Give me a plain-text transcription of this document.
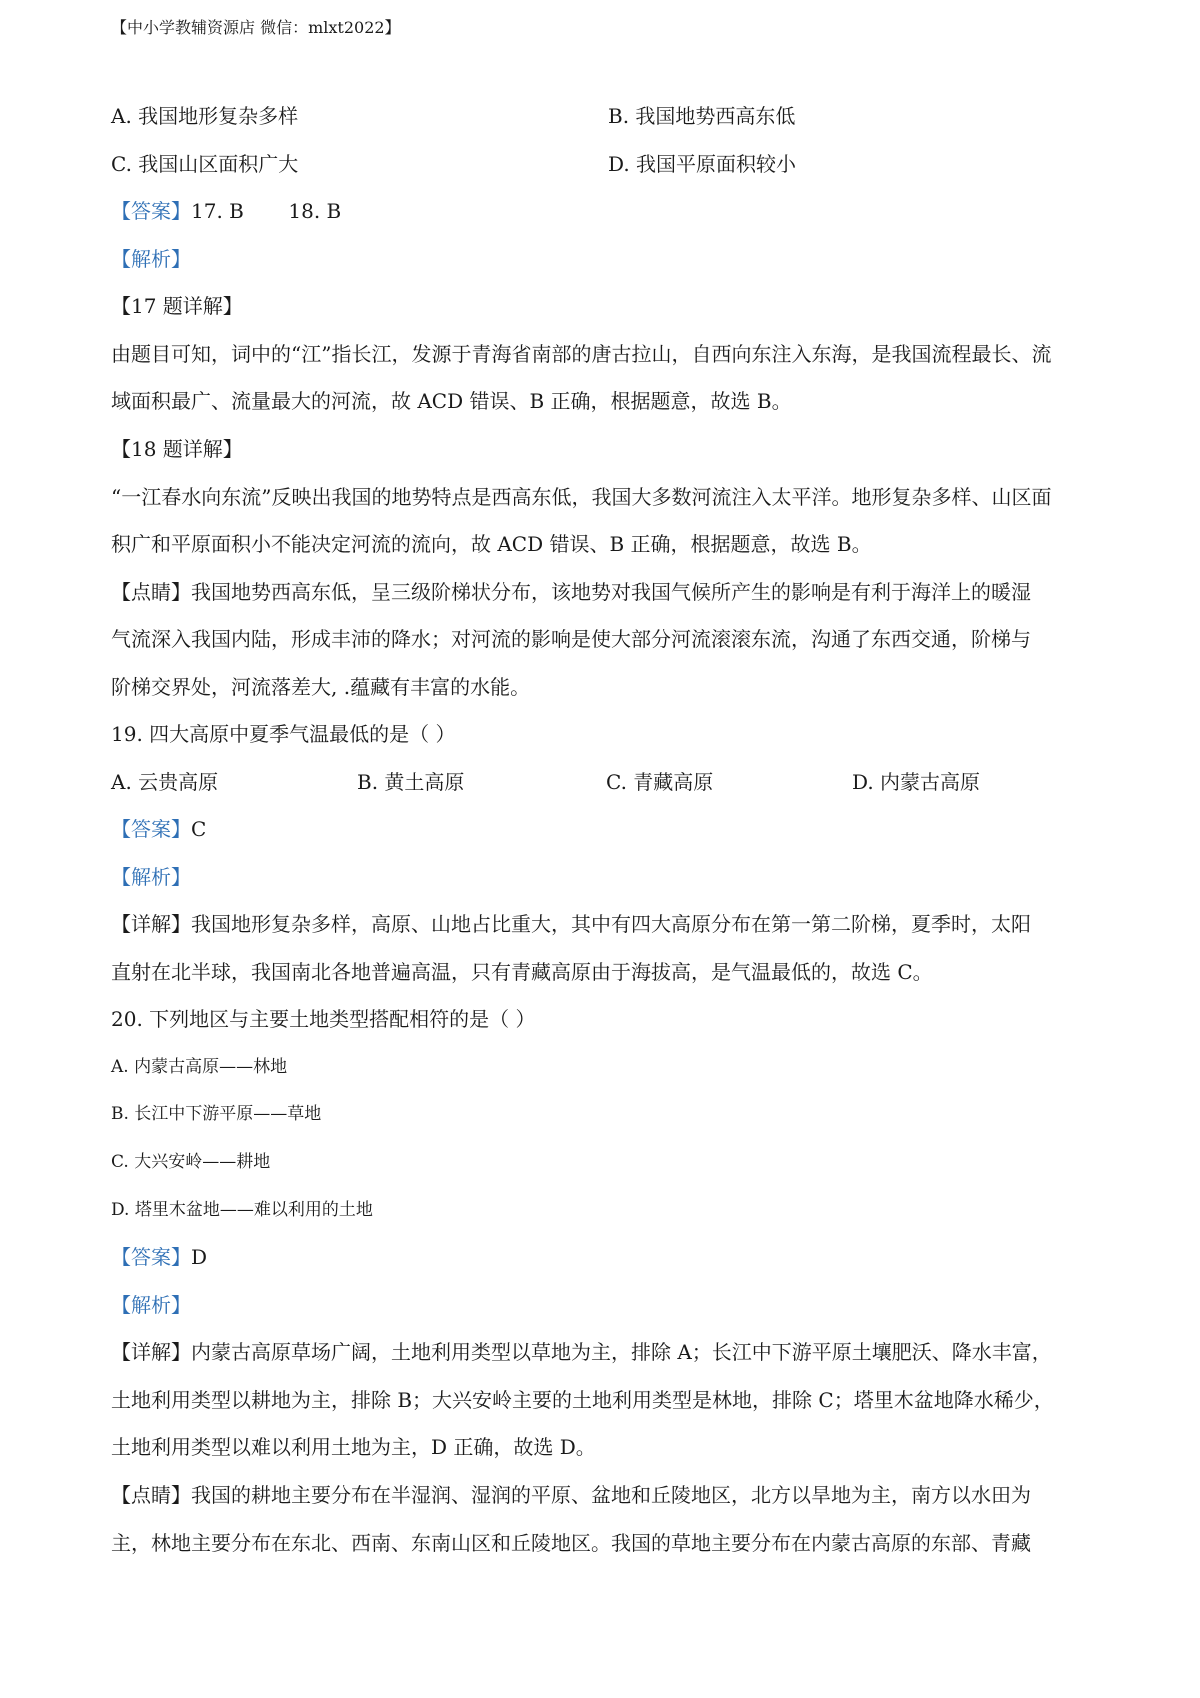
【中小学教辅资源店 微信：mlxt2022】
A. 我国地形复杂多样	B. 我国地势西高东低
C. 我国山区面积广大	D. 我国平原面积较小
【答案】17. B       18. B
【解析】
【17 题详解】
由题目可知，词中的“江”指长江，发源于青海省南部的唐古拉山，自西向东注入东海，是我国流程最长、流
域面积最广、流量最大的河流，故 ACD 错误、B 正确，根据题意，故选 B。
【18 题详解】
“一江春水向东流”反映出我国的地势特点是西高东低，我国大多数河流注入太平洋。地形复杂多样、山区面
积广和平原面积小不能决定河流的流向，故 ACD 错误、B 正确，根据题意，故选 B。
【点睛】我国地势西高东低，呈三级阶梯状分布，该地势对我国气候所产生的影响是有利于海洋上的暖湿
气流深入我国内陆，形成丰沛的降水；对河流的影响是使大部分河流滚滚东流，沟通了东西交通，阶梯与
阶梯交界处，河流落差大, .蕴藏有丰富的水能。
19. 四大高原中夏季气温最低的是（ ）
A. 云贵高原	B. 黄土高原	C. 青藏高原	D. 内蒙古高原
【答案】C
【解析】
【详解】我国地形复杂多样，高原、山地占比重大，其中有四大高原分布在第一第二阶梯，夏季时，太阳
直射在北半球，我国南北各地普遍高温，只有青藏高原由于海拔高，是气温最低的，故选 C。
20. 下列地区与主要土地类型搭配相符的是（ ）
A. 内蒙古高原——林地
B. 长江中下游平原——草地
C. 大兴安岭——耕地
D. 塔里木盆地——难以利用的土地
【答案】D
【解析】
【详解】内蒙古高原草场广阔，土地利用类型以草地为主，排除 A；长江中下游平原土壤肥沃、降水丰富，
土地利用类型以耕地为主，排除 B；大兴安岭主要的土地利用类型是林地，排除 C；塔里木盆地降水稀少，
土地利用类型以难以利用土地为主，D 正确，故选 D。
【点睛】我国的耕地主要分布在半湿润、湿润的平原、盆地和丘陵地区，北方以旱地为主，南方以水田为
主，林地主要分布在东北、西南、东南山区和丘陵地区。我国的草地主要分布在内蒙古高原的东部、青藏
